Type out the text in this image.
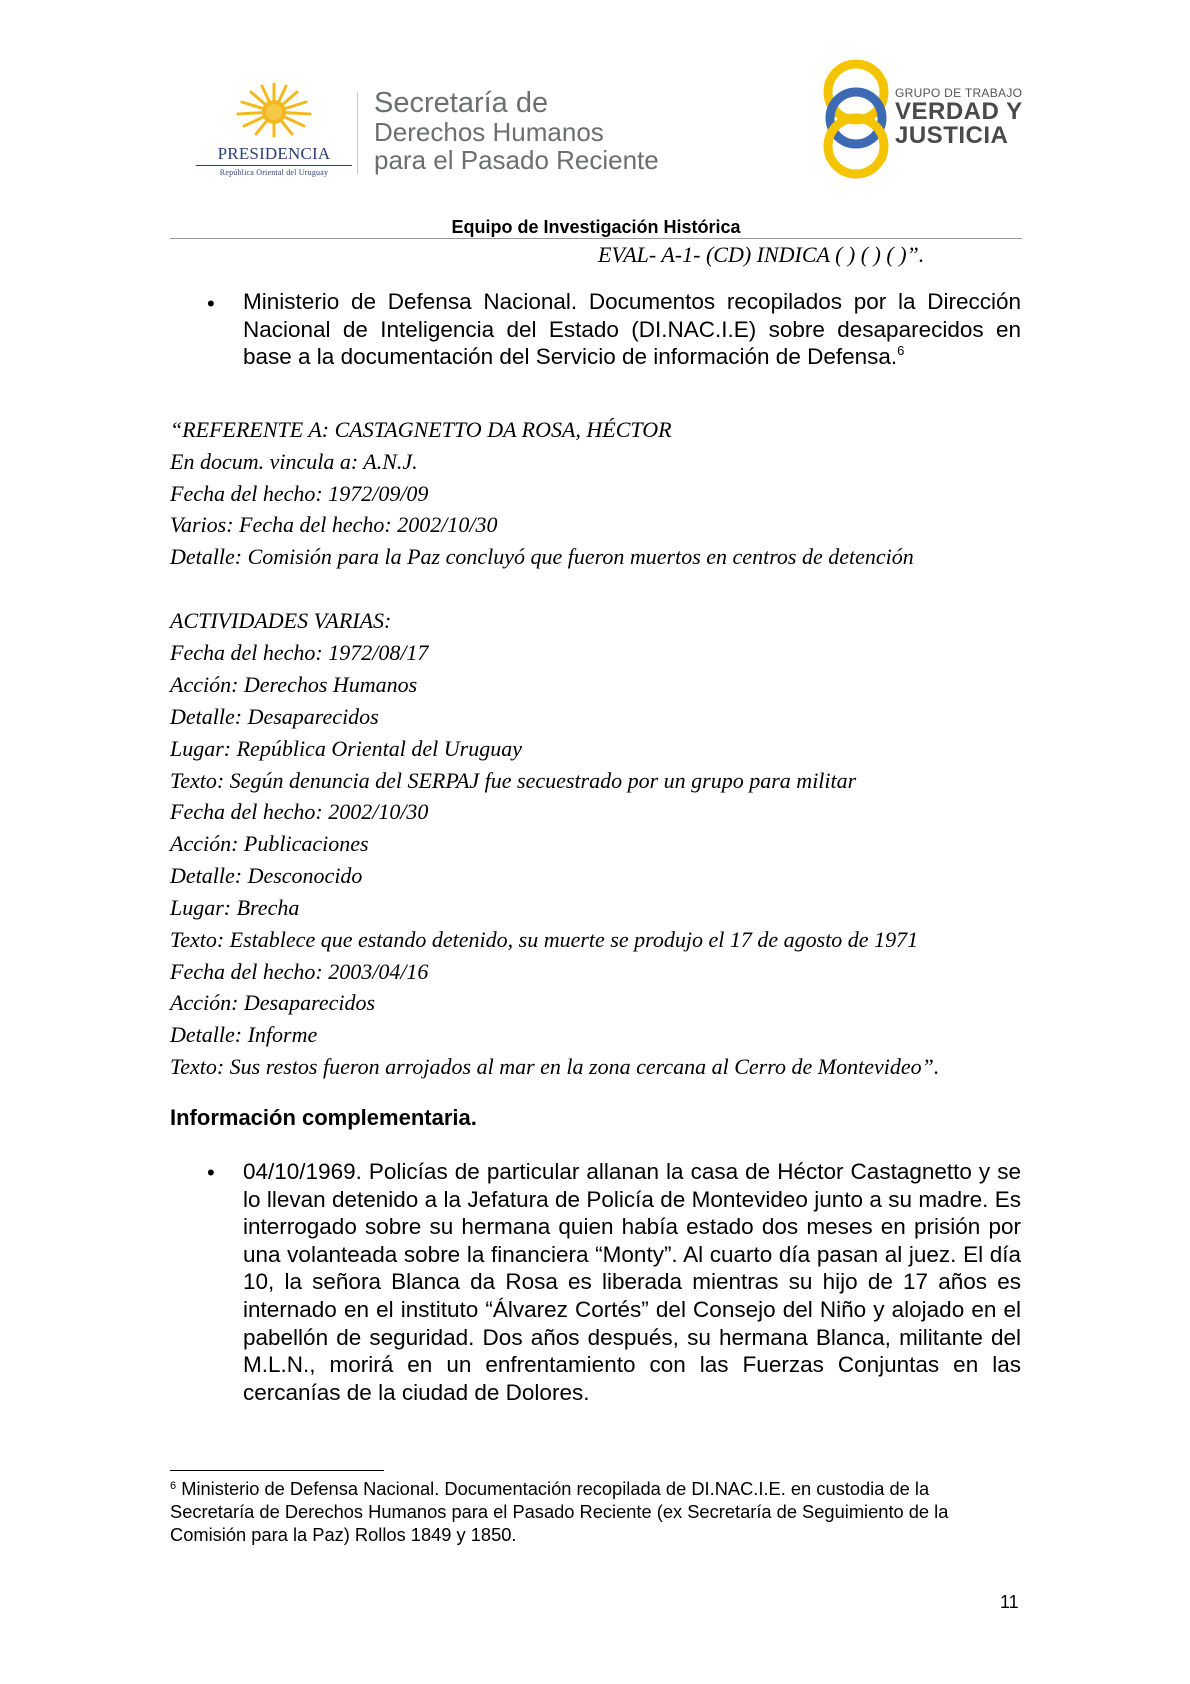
PRESIDENCIA
República Oriental del Uruguay
Secretaría de
Derechos Humanos
para el Pasado Reciente
GRUPO DE TRABAJO
VERDAD Y
JUSTICIA
Equipo de Investigación Histórica
EVAL- A-1- (CD) INDICA ( ) ( ) ( )”.
• Ministerio de Defensa Nacional. Documentos recopilados por la Dirección Nacional de Inteligencia del Estado (DI.NAC.I.E) sobre desaparecidos en base a la documentación del Servicio de información de Defensa.$^6$
“REFERENTE A: CASTAGNETTO DA ROSA, HÉCTOR
En docum. vincula a: A.N.J.
Fecha del hecho: 1972/09/09
Varios: Fecha del hecho: 2002/10/30
Detalle: Comisión para la Paz concluyó que fueron muertos en centros de detención
ACTIVIDADES VARIAS:
Fecha del hecho: 1972/08/17
Acción: Derechos Humanos
Detalle: Desaparecidos
Lugar: República Oriental del Uruguay
Texto: Según denuncia del SERPAJ fue secuestrado por un grupo para militar
Fecha del hecho: 2002/10/30
Acción: Publicaciones
Detalle: Desconocido
Lugar: Brecha
Texto: Establece que estando detenido, su muerte se produjo el 17 de agosto de 1971
Fecha del hecho: 2003/04/16
Acción: Desaparecidos
Detalle: Informe
Texto: Sus restos fueron arrojados al mar en la zona cercana al Cerro de Montevideo”.
Información complementaria.
• 04/10/1969. Policías de particular allanan la casa de Héctor Castagnetto y se lo llevan detenido a la Jefatura de Policía de Montevideo junto a su madre. Es interrogado sobre su hermana quien había estado dos meses en prisión por una volanteada sobre la financiera “Monty”. Al cuarto día pasan al juez. El día 10, la señora Blanca da Rosa es liberada mientras su hijo de 17 años es internado en el instituto “Álvarez Cortés” del Consejo del Niño y alojado en el pabellón de seguridad. Dos años después, su hermana Blanca, militante del M.L.N., morirá en un enfrentamiento con las Fuerzas Conjuntas en las cercanías de la ciudad de Dolores.
$^6$ Ministerio de Defensa Nacional. Documentación recopilada de DI.NAC.I.E. en custodia de la Secretaría de Derechos Humanos para el Pasado Reciente (ex Secretaría de Seguimiento de la Comisión para la Paz) Rollos 1849 y 1850.
11
